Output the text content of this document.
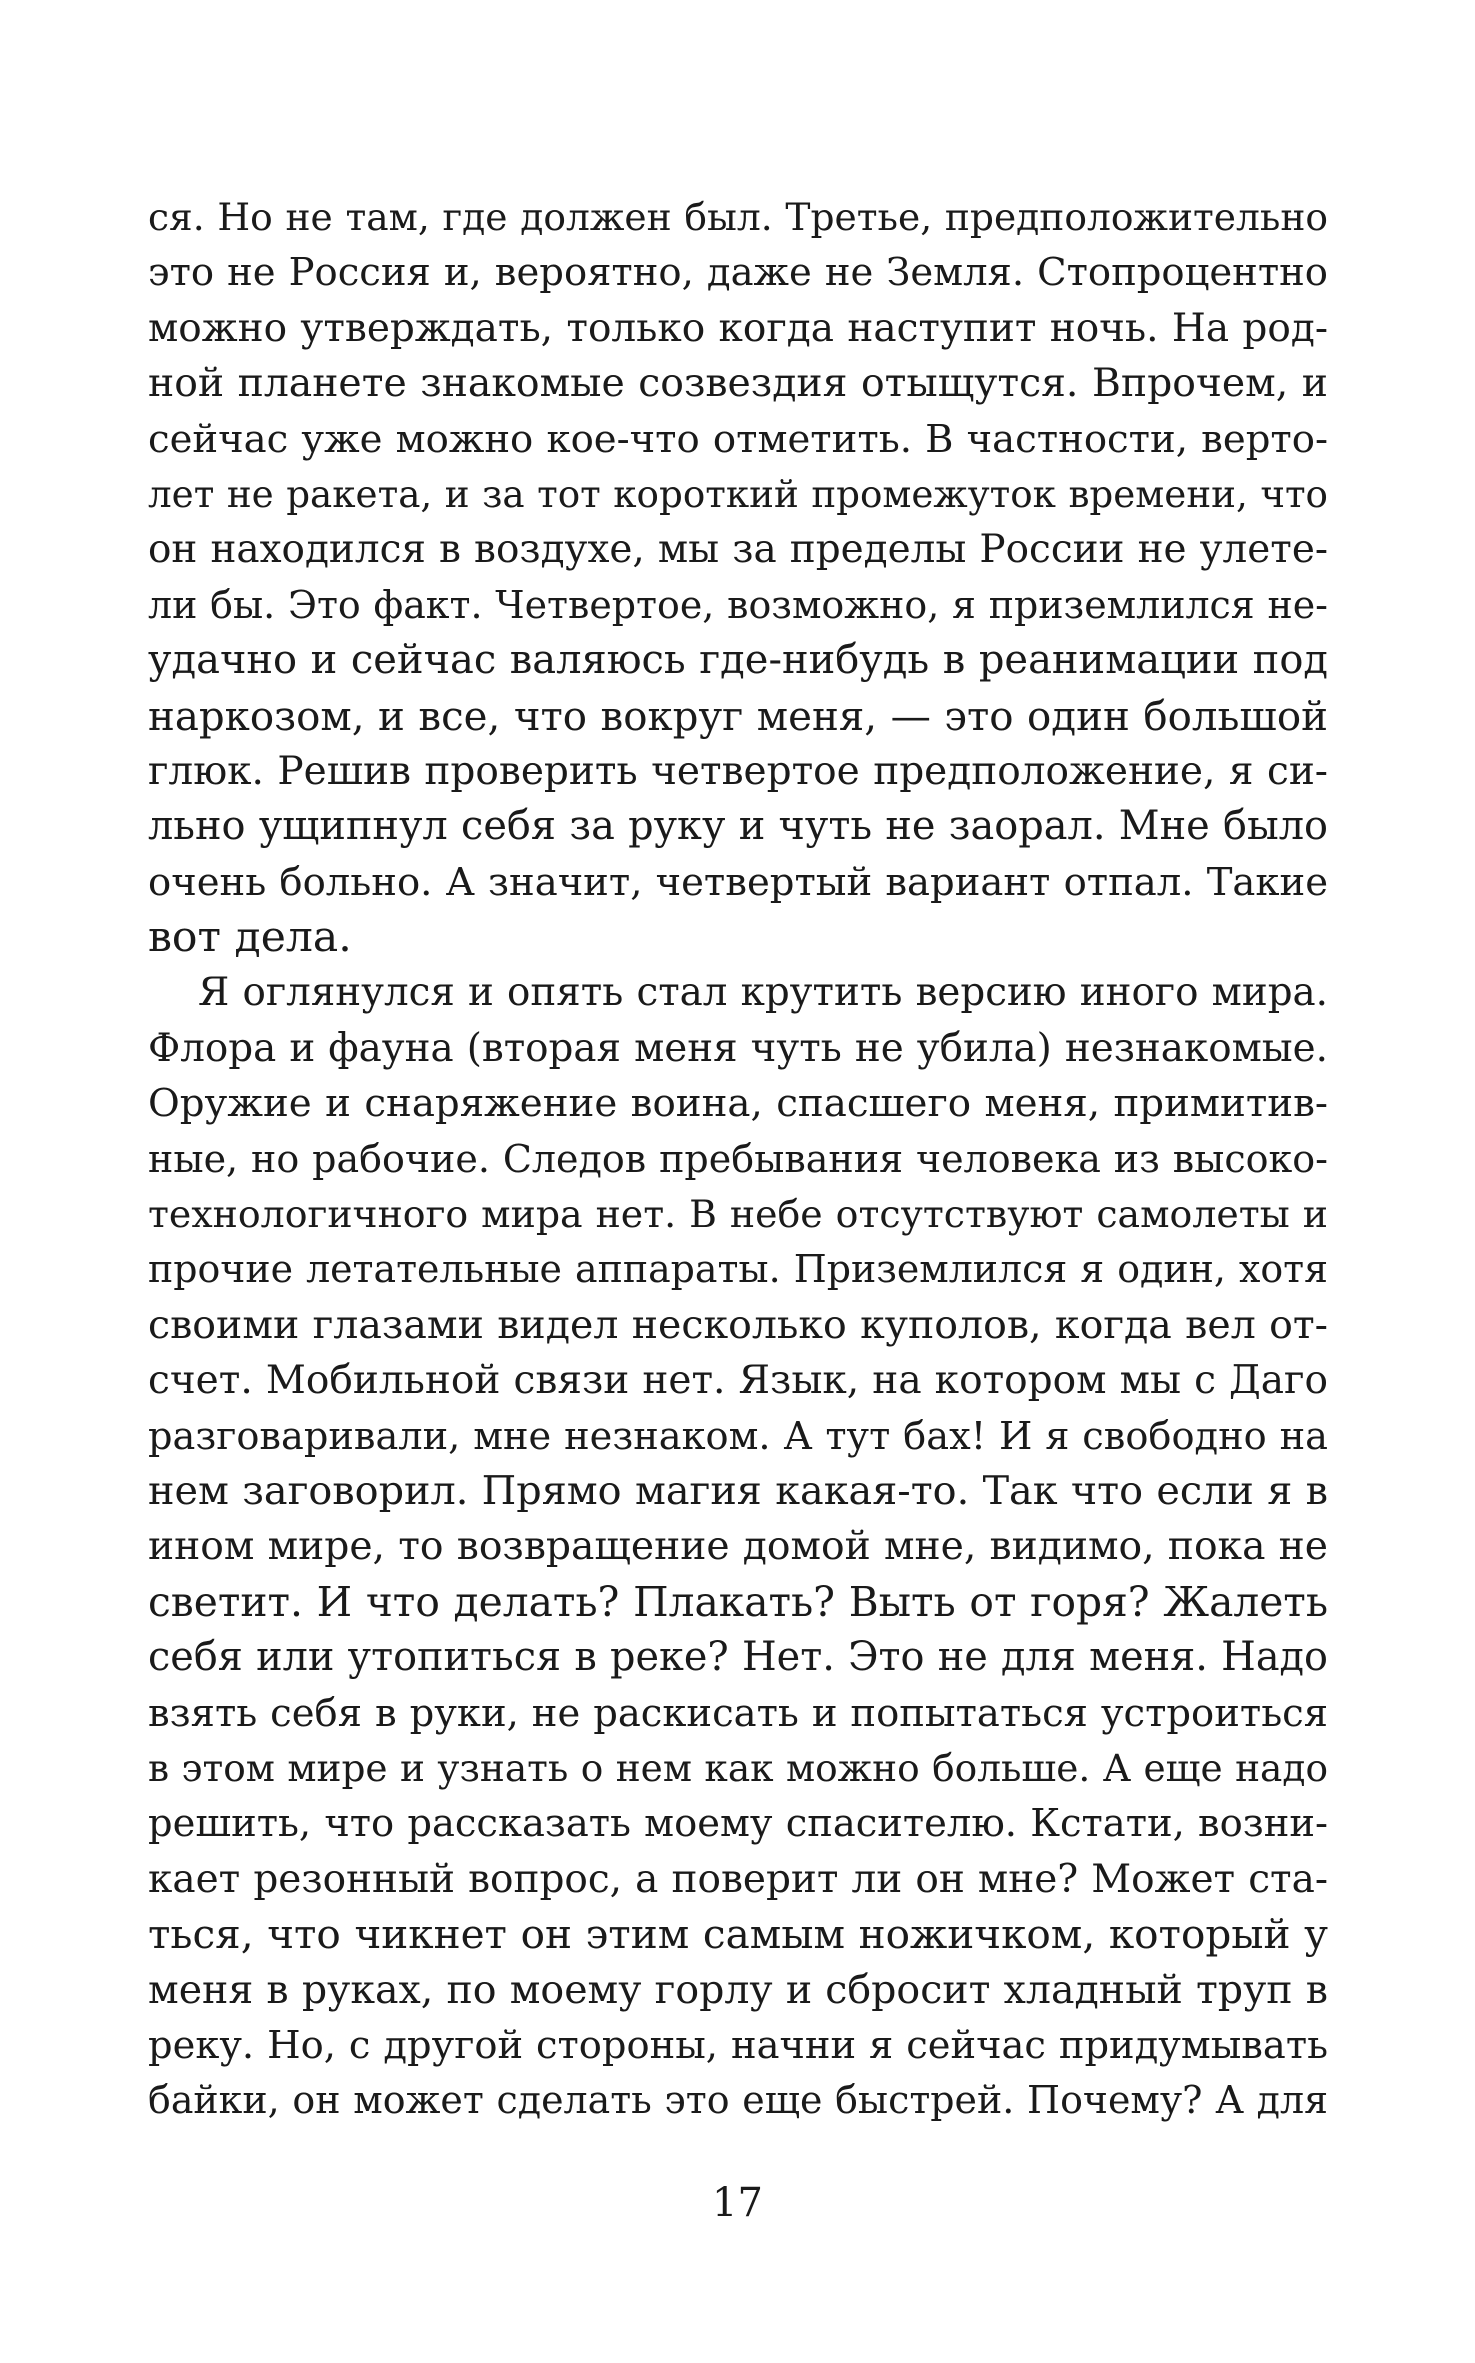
ся. Но не там, где должен был. Третье, предположительно
это не Россия и, вероятно, даже не Земля. Стопроцентно
можно утверждать, только когда наступит ночь. На род-
ной планете знакомые созвездия отыщутся. Впрочем, и
сейчас уже можно кое-что отметить. В частности, верто-
лет не ракета, и за тот короткий промежуток времени, что
он находился в воздухе, мы за пределы России не улете-
ли бы. Это факт. Четвертое, возможно, я приземлился не-
удачно и сейчас валяюсь где-нибудь в реанимации под
наркозом, и все, что вокруг меня, — это один большой
глюк. Решив проверить четвертое предположение, я си-
льно ущипнул себя за руку и чуть не заорал. Мне было
очень больно. А значит, четвертый вариант отпал. Такие
вот дела.
Я оглянулся и опять стал крутить версию иного мира.
Флора и фауна (вторая меня чуть не убила) незнакомые.
Оружие и снаряжение воина, спасшего меня, примитив-
ные, но рабочие. Следов пребывания человека из высоко-
технологичного мира нет. В небе отсутствуют самолеты и
прочие летательные аппараты. Приземлился я один, хотя
своими глазами видел несколько куполов, когда вел от-
счет. Мобильной связи нет. Язык, на котором мы с Даго
разговаривали, мне незнаком. А тут бах! И я свободно на
нем заговорил. Прямо магия какая-то. Так что если я в
ином мире, то возвращение домой мне, видимо, пока не
светит. И что делать? Плакать? Выть от горя? Жалеть
себя или утопиться в реке? Нет. Это не для меня. Надо
взять себя в руки, не раскисать и попытаться устроиться
в этом мире и узнать о нем как можно больше. А еще надо
решить, что рассказать моему спасителю. Кстати, возни-
кает резонный вопрос, а поверит ли он мне? Может ста-
ться, что чикнет он этим самым ножичком, который у
меня в руках, по моему горлу и сбросит хладный труп в
реку. Но, с другой стороны, начни я сейчас придумывать
байки, он может сделать это еще быстрей. Почему? А для
17
